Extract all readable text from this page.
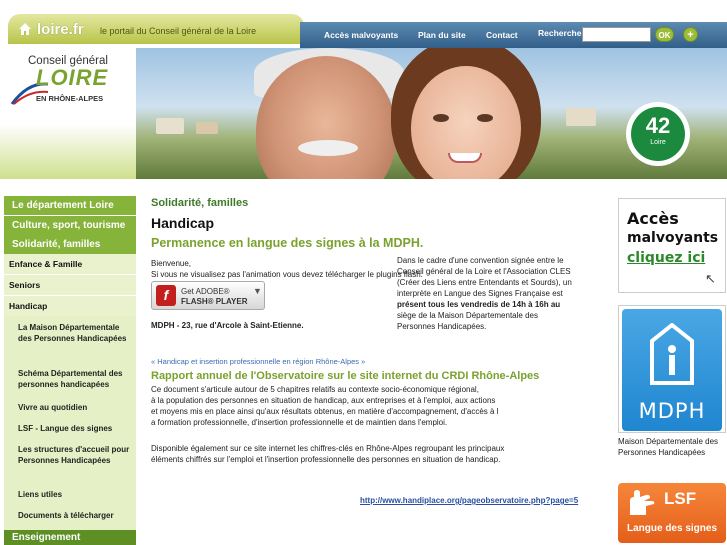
loire.fr le portail du Conseil général de la Loire	Accès malvoyants Plan du site Contact Recherche	OK	+
Conseil général
LOIRE
EN RHÔNE-ALPES
42
Loire
Le département Loire
Culture, sport, tourisme
Solidarité, familles
Enfance & Famille
Seniors
Handicap
La Maison Départementale des Personnes Handicapées
Schéma Départemental des personnes handicapées
Vivre au quotidien
LSF - Langue des signes
Les structures d'accueil pour Personnes Handicapées
Liens utiles
Documents à télécharger
Enseignement
Solidarité, familles
Handicap
Permanence en langue des signes à la MDPH.
Bienvenue,
Si vous ne visualisez pas l'animation vous devez télécharger le plugins flash.
f	Get ADOBE®
FLASH® PLAYER
▼
MDPH - 23, rue d'Arcole à Saint-Etienne.
Dans le cadre d'une convention signée entre le
Conseil général de la Loire et l'Association CLES
(Créer des Liens entre Entendants et Sourds), un
interprète en Langue des Signes Française est
présent tous les vendredis de 14h à 16h au
siège de la Maison Départementale des
Personnes Handicapées.
« Handicap et insertion professionnelle en région Rhône-Alpes »
Rapport annuel de l'Observatoire sur le site internet du CRDI Rhône-Alpes
Ce document s'articule autour de 5 chapitres relatifs au contexte socio-économique régional,
à la population des personnes en situation de handicap, aux entreprises et à l'emploi, aux actions
et moyens mis en place ainsi qu'aux résultats obtenus, en matière d'accompagnement, d'accès à l
a formation professionnelle, d'insertion professionnelle et de maintien dans l'emploi.
Disponible également sur ce site internet les chiffres-clés en Rhône-Alpes regroupant les principaux
éléments chiffrés sur l'emploi et l'insertion professionnelle des personnes en situation de handicap.
http://www.handiplace.org/pageobservatoire.php?page=5
Accès
malvoyants
cliquez ici
↖
MDPH
Maison Départementale des Personnes Handicapées
LSF
Langue des signes
